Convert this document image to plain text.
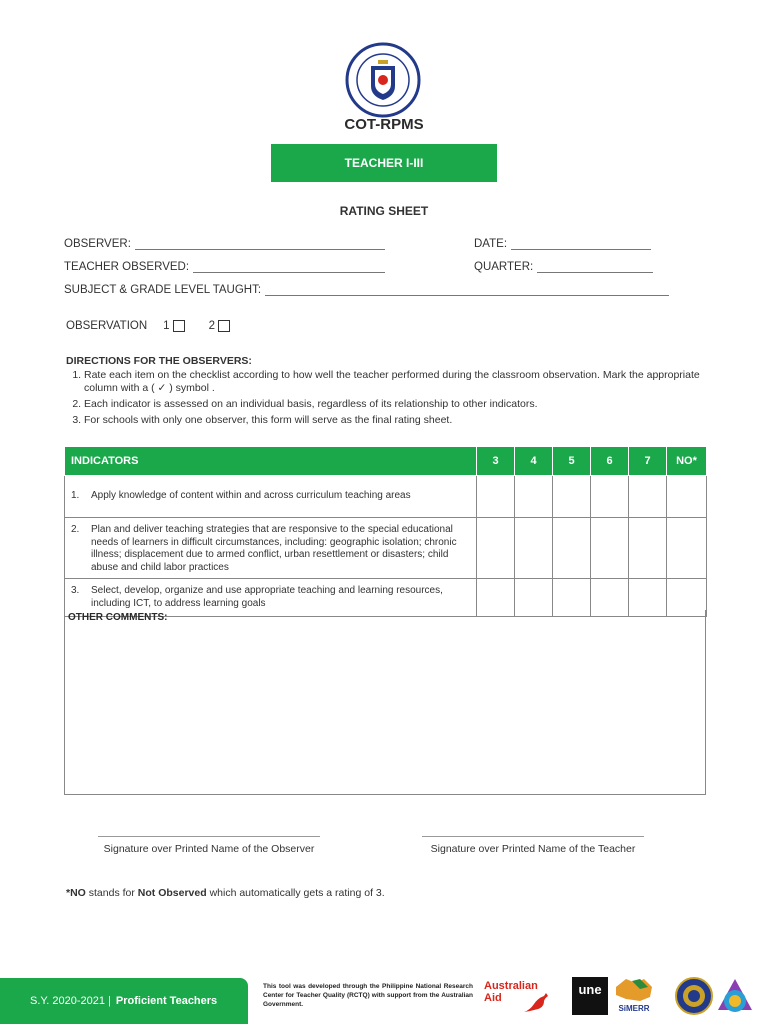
COT-RPMS
TEACHER I-III
RATING SHEET
OBSERVER:	DATE:
TEACHER OBSERVED:	QUARTER:
SUBJECT & GRADE LEVEL TAUGHT:
OBSERVATION 1	2
DIRECTIONS FOR THE OBSERVERS:
1. Rate each item on the checklist according to how well the teacher performed during the classroom observation. Mark the appropriate column with a ( ✓ ) symbol .
2. Each indicator is assessed on an individual basis, regardless of its relationship to other indicators.
3. For schools with only one observer, this form will serve as the final rating sheet.
INDICATORS	3	4	5	6	7	NO*

1. Apply knowledge of content within and across curriculum teaching areas						

2. Plan and deliver teaching strategies that are responsive to the special educational needs of learners in difficult circumstances, including: geographic isolation; chronic illness; displacement due to armed conflict, urban resettlement or disasters; child abuse and child labor practices						

3. Select, develop, organize and use appropriate teaching and learning resources, including ICT, to address learning goals						

OTHER COMMENTS:
Signature over Printed Name of the Observer	Signature over Printed Name of the Teacher
*NO stands for Not Observed which automatically gets a rating of 3.
S.Y. 2020-2021 | Proficient Teachers
This tool was developed through the Philippine National Research Center for Teacher Quality (RCTQ) with support from the Australian Government.
Australian
Aid
une
SiMERR
